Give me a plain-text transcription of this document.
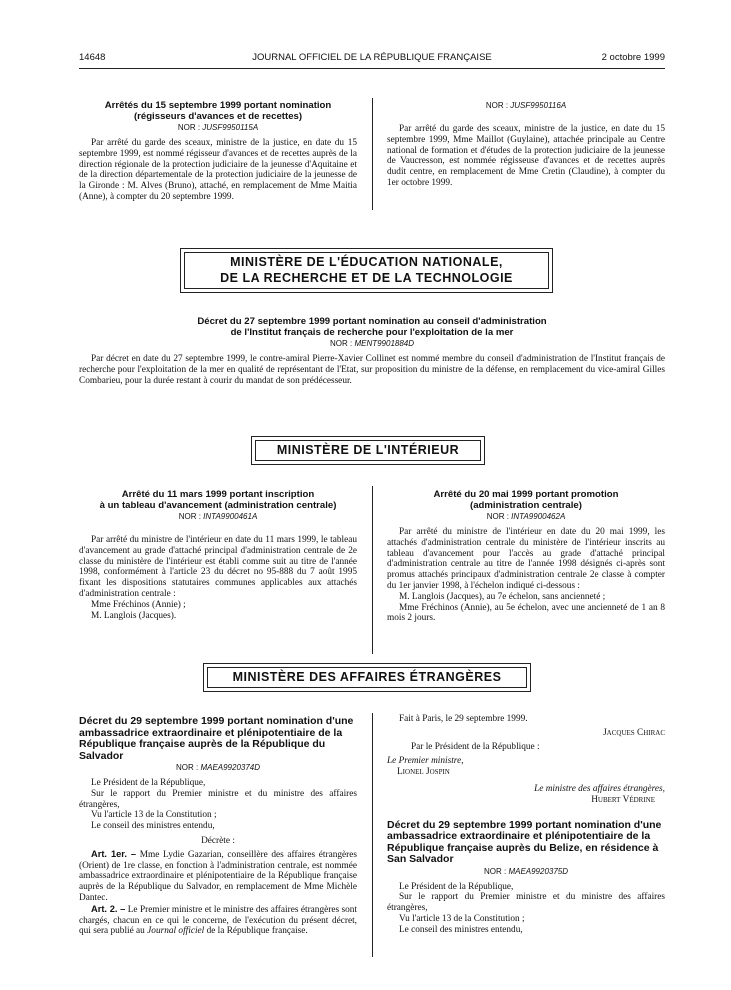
14648	JOURNAL OFFICIEL DE LA RÉPUBLIQUE FRANÇAISE	2 octobre 1999

Arrêtés du 15 septembre 1999 portant nomination

(régisseurs d'avances et de recettes)

NOR : JUSF9950115A

Par arrêté du garde des sceaux, ministre de la justice, en date du 15 septembre 1999, est nommé régisseur d'avances et de recettes auprès de la direction régionale de la protection judiciaire de la jeunesse d'Aquitaine et de la direction départementale de la protection judiciaire de la jeunesse de la Gironde : M. Alves (Bruno), attaché, en remplacement de Mme Maitia (Anne), à compter du 20 septembre 1999.

NOR : JUSF9950116A

Par arrêté du garde des sceaux, ministre de la justice, en date du 15 septembre 1999, Mme Maillot (Guylaine), attachée principale au Centre national de formation et d'études de la protection judiciaire de la jeunesse de Vaucresson, est nommée régisseuse d'avances et de recettes auprès dudit centre, en remplacement de Mme Cretin (Claudine), à compter du 1er octobre 1999.

MINISTÈRE DE L'ÉDUCATION NATIONALE,
DE LA RECHERCHE ET DE LA TECHNOLOGIE

Décret du 27 septembre 1999 portant nomination au conseil d'administration

de l'Institut français de recherche pour l'exploitation de la mer

NOR : MENT9901884D

Par décret en date du 27 septembre 1999, le contre-amiral Pierre-Xavier Collinet est nommé membre du conseil d'administration de l'Institut français de recherche pour l'exploitation de la mer en qualité de représentant de l'Etat, sur proposition du ministre de la défense, en remplacement du vice-amiral Gilles Combarieu, pour la durée restant à courir du mandat de son prédécesseur.

MINISTÈRE DE L'INTÉRIEUR

Arrêté du 11 mars 1999 portant inscription

à un tableau d'avancement (administration centrale)

NOR : INTA9900461A

Par arrêté du ministre de l'intérieur en date du 11 mars 1999, le tableau d'avancement au grade d'attaché principal d'administration centrale de 2e classe du ministère de l'intérieur est établi comme suit au titre de l'année 1998, conformément à l'article 23 du décret no 95-888 du 7 août 1995 fixant les dispositions statutaires communes applicables aux attachés d'administration centrale :

Mme Fréchinos (Annie) ;

M. Langlois (Jacques).

Arrêté du 20 mai 1999 portant promotion

(administration centrale)

NOR : INTA9900462A

Par arrêté du ministre de l'intérieur en date du 20 mai 1999, les attachés d'administration centrale du ministère de l'intérieur inscrits au tableau d'avancement pour l'accès au grade d'attaché principal d'administration centrale au titre de l'année 1998 désignés ci-après sont promus attachés principaux d'administration centrale 2e classe à compter du 1er janvier 1998, à l'échelon indiqué ci-dessous :

M. Langlois (Jacques), au 7e échelon, sans ancienneté ;

Mme Fréchinos (Annie), au 5e échelon, avec une ancienneté de 1 an 8 mois 2 jours.

MINISTÈRE DES AFFAIRES ÉTRANGÈRES

Décret du 29 septembre 1999 portant nomination d'une ambassadrice extraordinaire et plénipotentiaire de la République française auprès de la République du Salvador

NOR : MAEA9920374D

Le Président de la République,

Sur le rapport du Premier ministre et du ministre des affaires étrangères,

Vu l'article 13 de la Constitution ;

Le conseil des ministres entendu,

Décrète :

Art. 1er. – Mme Lydie Gazarian, conseillère des affaires étrangères (Orient) de 1re classe, en fonction à l'administration centrale, est nommée ambassadrice extraordinaire et plénipotentiaire de la République française auprès de la République du Salvador, en remplacement de Mme Michèle Dantec.

Art. 2. – Le Premier ministre et le ministre des affaires étrangères sont chargés, chacun en ce qui le concerne, de l'exécution du présent décret, qui sera publié au Journal officiel de la République française.

Fait à Paris, le 29 septembre 1999.

Jacques Chirac

Par le Président de la République :

Le Premier ministre,

Lionel Jospin

Le ministre des affaires étrangères,

Hubert Védrine

Décret du 29 septembre 1999 portant nomination d'une ambassadrice extraordinaire et plénipotentiaire de la République française auprès du Belize, en résidence à San Salvador

NOR : MAEA9920375D

Le Président de la République,

Sur le rapport du Premier ministre et du ministre des affaires étrangères,

Vu l'article 13 de la Constitution ;

Le conseil des ministres entendu,
